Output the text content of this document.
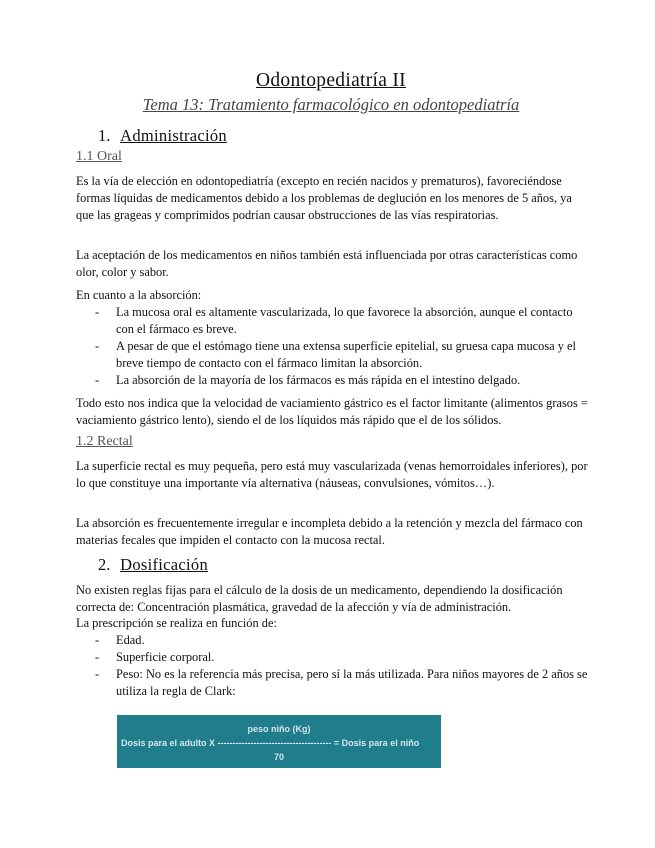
Odontopediatría II
Tema 13: Tratamiento farmacológico en odontopediatría
1. Administración
1.1 Oral

Es la vía de elección en odontopediatría (excepto en recién nacidos y prematuros), favoreciéndose formas líquidas de medicamentos debido a los problemas de deglución en los menores de 5 años, ya que las grageas y comprimidos podrían causar obstrucciones de las vías respiratorias.

La aceptación de los medicamentos en niños también está influenciada por otras características como olor, color y sabor.

En cuanto a la absorción:

- La mucosa oral es altamente vascularizada, lo que favorece la absorción, aunque el contacto con el fármaco es breve.
- A pesar de que el estómago tiene una extensa superficie epitelial, su gruesa capa mucosa y el breve tiempo de contacto con el fármaco limitan la absorción.
- La absorción de la mayoría de los fármacos es más rápida en el intestino delgado.

Todo esto nos indica que la velocidad de vaciamiento gástrico es el factor limitante (alimentos grasos = vaciamiento gástrico lento), siendo el de los líquidos más rápido que el de los sólidos.

1.2 Rectal

La superficie rectal es muy pequeña, pero está muy vascularizada (venas hemorroidales inferiores), por lo que constituye una importante vía alternativa (náuseas, convulsiones, vómitos…).

La absorción es frecuentemente irregular e incompleta debido a la retención y mezcla del fármaco con materias fecales que impiden el contacto con la mucosa rectal.

2. Dosificación

No existen reglas fijas para el cálculo de la dosis de un medicamento, dependiendo la dosificación correcta de: Concentración plasmática, gravedad de la afección y vía de administración.

La prescripción se realiza en función de:

- Edad.
- Superficie corporal.
- Peso: No es la referencia más precisa, pero sí la más utilizada. Para niños mayores de 2 años se utiliza la regla de Clark:
peso niño (Kg)
Dosis para el adulto X -------------------------------------- = Dosis para el niño
70
